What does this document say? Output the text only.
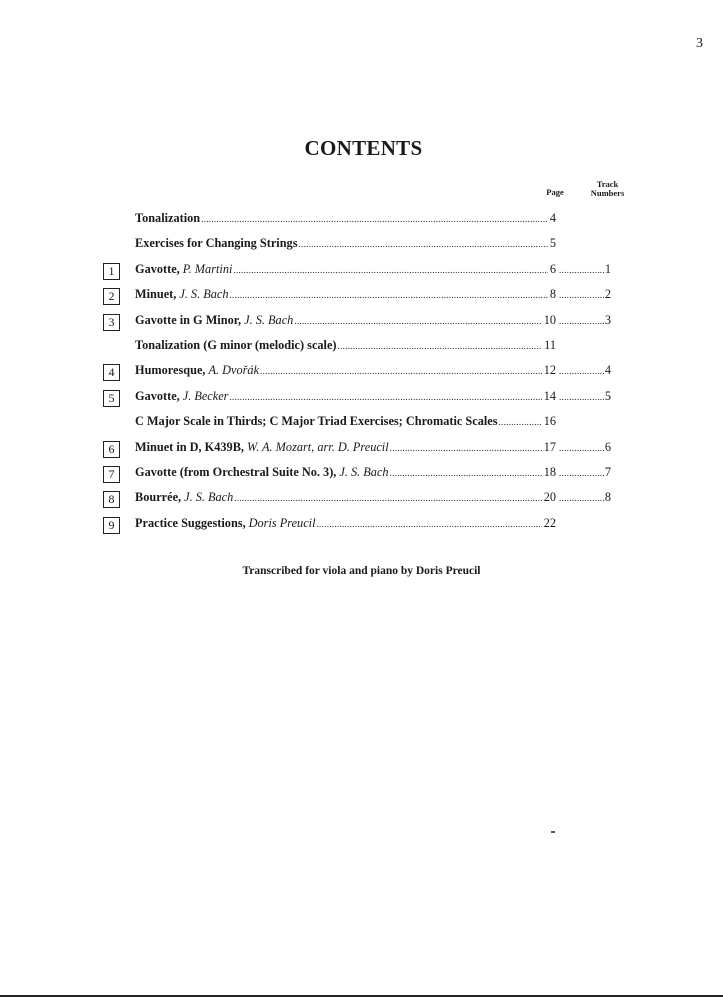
3
CONTENTS
Page
Track
Numbers
Tonalization .....	4
Exercises for Changing Strings .....	5
1	Gavotte, P. Martini .....	6 .....	1
2	Minuet, J. S. Bach .....	8 .....	2
3	Gavotte in G Minor, J. S. Bach .....	10 .....	3
Tonalization (G minor (melodic) scale) .....	11
4	Humoresque, A. Dvořák .....	12 .....	4
5	Gavotte, J. Becker .....	14 .....	5
C Major Scale in Thirds; C Major Triad Exercises; Chromatic Scales .....	16
6	Minuet in D, K439B, W. A. Mozart, arr. D. Preucil .....	17 .....	6
7	Gavotte (from Orchestral Suite No. 3), J. S. Bach .....	18 .....	7
8	Bourrée, J. S. Bach .....	20 .....	8
9	Practice Suggestions, Doris Preucil .....	22
Transcribed for viola and piano by Doris Preucil
